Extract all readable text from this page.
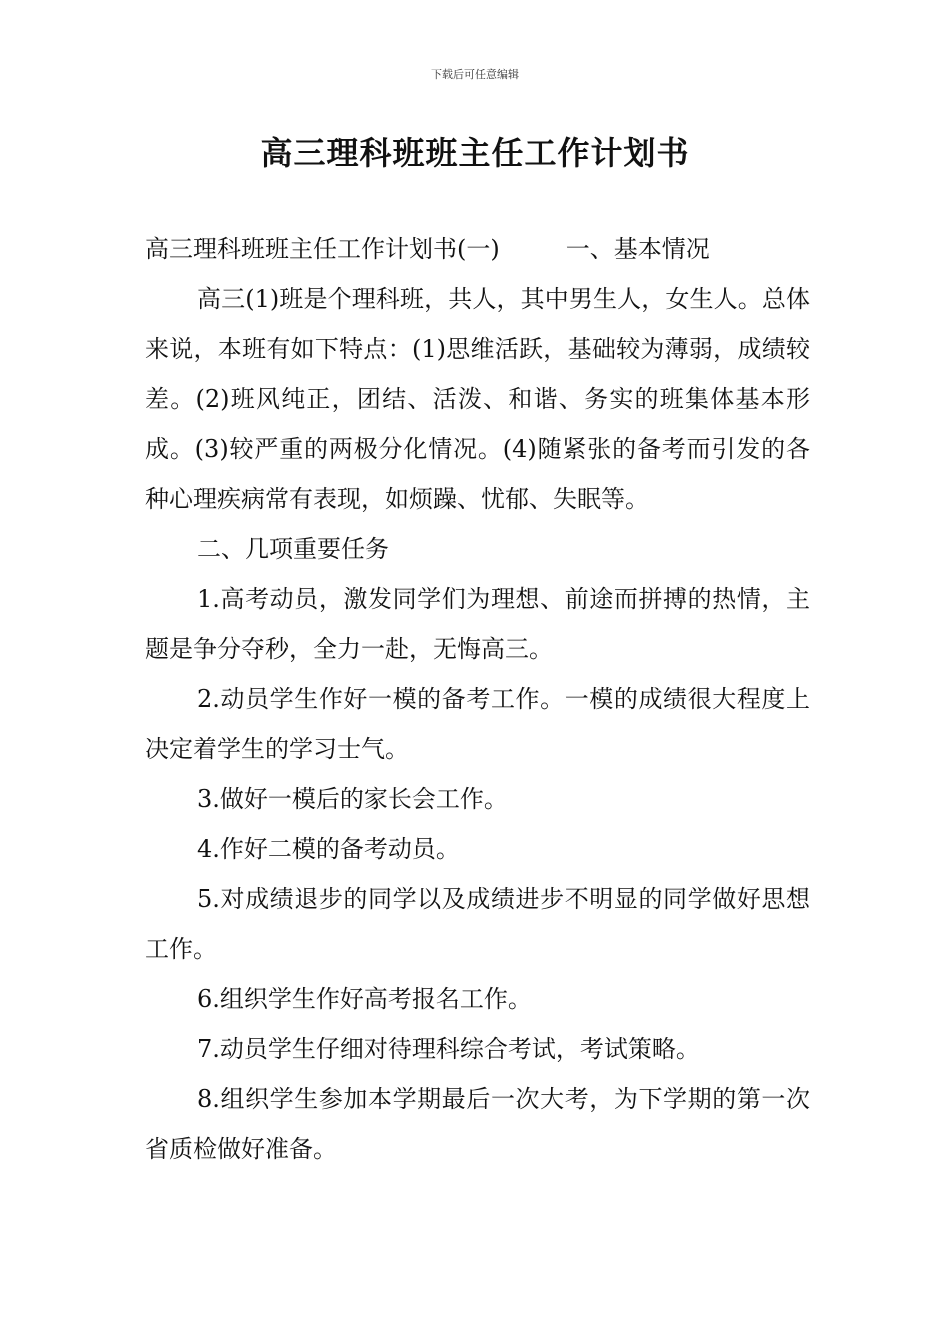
下载后可任意编辑
高三理科班班主任工作计划书

高三理科班班主任工作计划书(一)	一、基本情况

高三(1)班是个理科班，共人，其中男生人，女生人。总体来说，本班有如下特点：(1)思维活跃，基础较为薄弱，成绩较差。(2)班风纯正，团结、活泼、和谐、务实的班集体基本形成。(3)较严重的两极分化情况。(4)随紧张的备考而引发的各种心理疾病常有表现，如烦躁、忧郁、失眠等。

二、几项重要任务

1.高考动员，激发同学们为理想、前途而拼搏的热情，主题是争分夺秒，全力一赴，无悔高三。

2.动员学生作好一模的备考工作。一模的成绩很大程度上决定着学生的学习士气。

3.做好一模后的家长会工作。

4.作好二模的备考动员。

5.对成绩退步的同学以及成绩进步不明显的同学做好思想工作。

6.组织学生作好高考报名工作。

7.动员学生仔细对待理科综合考试，考试策略。

8.组织学生参加本学期最后一次大考，为下学期的第一次省质检做好准备。
